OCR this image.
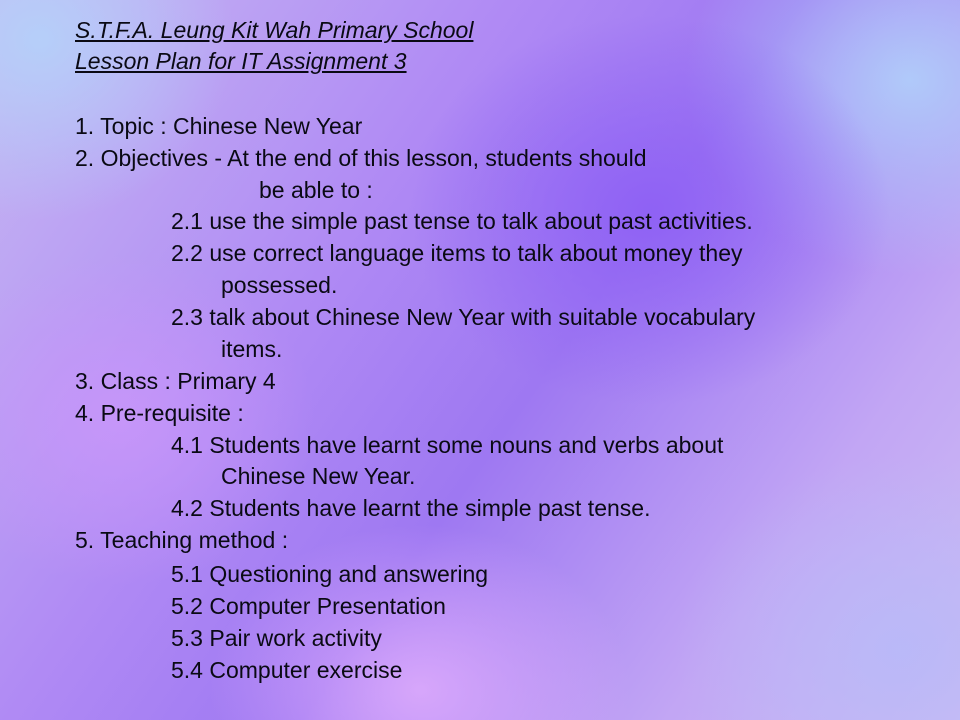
S.T.F.A. Leung Kit Wah Primary School
Lesson Plan for IT Assignment 3
1. Topic : Chinese New Year
2. Objectives - At the end of this lesson, students should
be able to :
2.1 use the simple past tense to talk about past activities.
2.2 use correct language items to talk about money they
possessed.
2.3 talk about Chinese New Year with suitable vocabulary
items.
3. Class : Primary 4
4. Pre-requisite :
4.1 Students have learnt some nouns and verbs about
Chinese New Year.
4.2 Students have learnt the simple past tense.
5. Teaching method :
5.1 Questioning and answering
5.2 Computer Presentation
5.3 Pair work activity
5.4 Computer exercise
